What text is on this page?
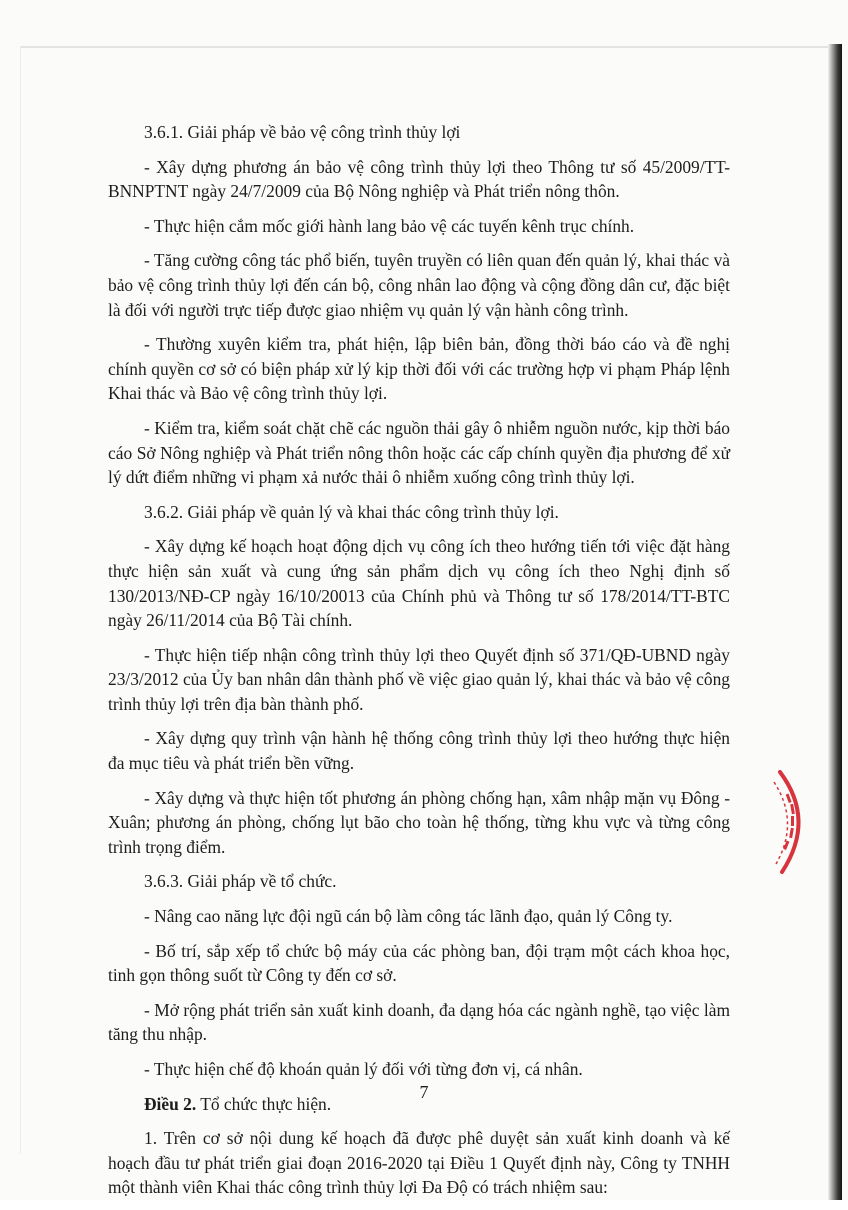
3.6.1. Giải pháp về bảo vệ công trình thủy lợi

- Xây dựng phương án bảo vệ công trình thủy lợi theo Thông tư số 45/2009/TT-BNNPTNT ngày 24/7/2009 của Bộ Nông nghiệp và Phát triển nông thôn.

- Thực hiện cắm mốc giới hành lang bảo vệ các tuyến kênh trục chính.

- Tăng cường công tác phổ biến, tuyên truyền có liên quan đến quản lý, khai thác và bảo vệ công trình thủy lợi đến cán bộ, công nhân lao động và cộng đồng dân cư, đặc biệt là đối với người trực tiếp được giao nhiệm vụ quản lý vận hành công trình.

- Thường xuyên kiểm tra, phát hiện, lập biên bản, đồng thời báo cáo và đề nghị chính quyền cơ sở có biện pháp xử lý kịp thời đối với các trường hợp vi phạm Pháp lệnh Khai thác và Bảo vệ công trình thủy lợi.

- Kiểm tra, kiểm soát chặt chẽ các nguồn thải gây ô nhiễm nguồn nước, kịp thời báo cáo Sở Nông nghiệp và Phát triển nông thôn hoặc các cấp chính quyền địa phương để xử lý dứt điểm những vi phạm xả nước thải ô nhiễm xuống công trình thủy lợi.

3.6.2. Giải pháp về quản lý và khai thác công trình thủy lợi.

- Xây dựng kế hoạch hoạt động dịch vụ công ích theo hướng tiến tới việc đặt hàng thực hiện sản xuất và cung ứng sản phẩm dịch vụ công ích theo Nghị định số 130/2013/NĐ-CP ngày 16/10/20013 của Chính phủ và Thông tư số 178/2014/TT-BTC ngày 26/11/2014 của Bộ Tài chính.

- Thực hiện tiếp nhận công trình thủy lợi theo Quyết định số 371/QĐ-UBND ngày 23/3/2012 của Ủy ban nhân dân thành phố về việc giao quản lý, khai thác và bảo vệ công trình thủy lợi trên địa bàn thành phố.

- Xây dựng quy trình vận hành hệ thống công trình thủy lợi theo hướng thực hiện đa mục tiêu và phát triển bền vững.

- Xây dựng và thực hiện tốt phương án phòng chống hạn, xâm nhập mặn vụ Đông - Xuân; phương án phòng, chống lụt bão cho toàn hệ thống, từng khu vực và từng công trình trọng điểm.

3.6.3. Giải pháp về tổ chức.

- Nâng cao năng lực đội ngũ cán bộ làm công tác lãnh đạo, quản lý Công ty.

- Bố trí, sắp xếp tổ chức bộ máy của các phòng ban, đội trạm một cách khoa học, tinh gọn thông suốt từ Công ty đến cơ sở.

- Mở rộng phát triển sản xuất kinh doanh, đa dạng hóa các ngành nghề, tạo việc làm tăng thu nhập.

- Thực hiện chế độ khoán quản lý đối với từng đơn vị, cá nhân.

Điều 2. Tổ chức thực hiện.

1. Trên cơ sở nội dung kế hoạch đã được phê duyệt sản xuất kinh doanh và kế hoạch đầu tư phát triển giai đoạn 2016-2020 tại Điều 1 Quyết định này, Công ty TNHH một thành viên Khai thác công trình thủy lợi Đa Độ có trách nhiệm sau:

7
